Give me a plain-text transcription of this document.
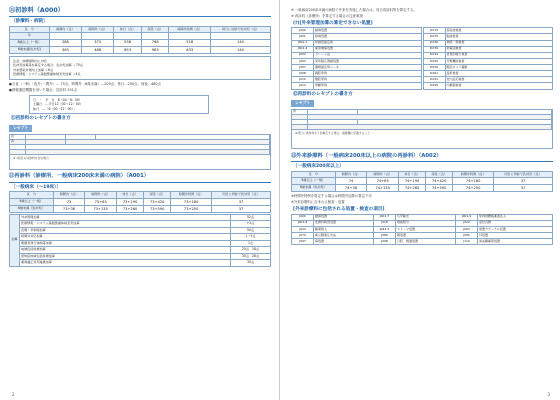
⑪初診料（A000）
〔診療料・病院〕
区　分	時間内（点）	時間外（点）	休日（点）	深夜（点）	時間外特例（点）	同日に初診で乳幼児（点）
年						
6歳以上（一般）	288	373	538	768	518	144
6歳未満(乳幼児)	363	488	653	983	633	144
注意：診療時間内に対応
乳幼児加算等を算定する場合：乳幼児加算 ＋75点
外来感染対策向上加算 ＋6点
医療情報・システム基盤整備体制充実加算 ＋4点
●当直（一般）「夜外」（間外）… 75点、時間外（6歳未満）…200点、休日…250点、深夜…480点
●情報通信機器を用いた場合：初診料 251点
日　・　平　日　8（00～8：00）
土曜日　…平日12（00～12：00）
休日　…「6（00～22：00）」
⑪初診料のレセプトの書き方
レセプト
初
再
※ 1回目の初診料を含む場合
⑫再診料（診療所、一般病床200床未満の病院）（A001）
〔一般病床（～19床）〕
区　分	時間内（点）	時間外（点）	休日（点）	深夜（点）	時間外特例（点）	同日に再診で乳幼児（点）
6歳以上（一般）	73	73+65	73+190	73+420	73+180	37
6歳未満（乳幼児）	73+38	73+135	73+260	73+590	73+250	37
加算	外来管理加算	52点
	医療情報・システム基盤整備体制充実加算	+2点
	夜間・早朝等加算	50点
	時間外対応加算	1～5点
	明細書発行体制等加算	1点
	地域包括診療加算	25点　18点
	認知症地域包括診療加算	35点　28点
	薬剤適正使用連携加算	30点
2
※ 一般病床200床未満の病院で外来を実施した場合は、同日再診料等を算定する。
※ 再診料（診療所）を算定する場合の注意事項
(ｸ)[外来管理加算の算定できない処置]
J000	創傷処置
J001	熱傷処置
J001-2	絆創膏固定術
J001-4	重度褥瘡処置
J002	ドレーン法
J003	局所陰圧閉鎖処置
J007	頸椎固定用シーネ
J008	胸腔穿刺
J010	腹腔穿刺
J012	骨髄穿刺
D215	超音波検査
D235	脳波検査
D236	神経・筋検査
D239	筋電図検査
D244	自覚的聴力検査
D250	平衡機能検査
D256	眼底カメラ撮影
D261	屈折検査
D291	皮内反応検査
D295	内視鏡検査
⑫再診料のレセプトの書き方
レセプト
再
※同日に再診料を２回算定する場合、摘要欄に記載すること
⑬外来診療料（一般病床200床以上の病院の再診料）（A002）
〔一般病床200床以上〕
区　分	時間内（点）	時間外（点）	休日（点）	深夜（点）	時間外特例（点）	同日に再診で乳幼児（点）
6歳以上（一般）	74	74+65	74+190	74+420	74+180	37
6歳未満（乳幼児）	74+38	74+135	74+260	74+590	74+250	37
※時間外特例を算定する場合は時間外加算の算定不可
※外来診療料に含まれる検査・処置
[外来診療料に包括される処置・検査の項目]
J000	創傷処置	J001-7	爪甲除去	J001-9	穿刺排膿後薬液注入
J001-8	皮膚科軟膏処置	J018	喀痰吸引	J022	高位浣腸
J024	酸素吸入	J043-3	ストーマ処置	J063	留置カテーテル設置
J070	前立腺液圧出法	J086	眼処置	J095	耳処置
J097	鼻処置	J098	口腔、咽頭処置	J119	消炎鎮痛等処置
3
